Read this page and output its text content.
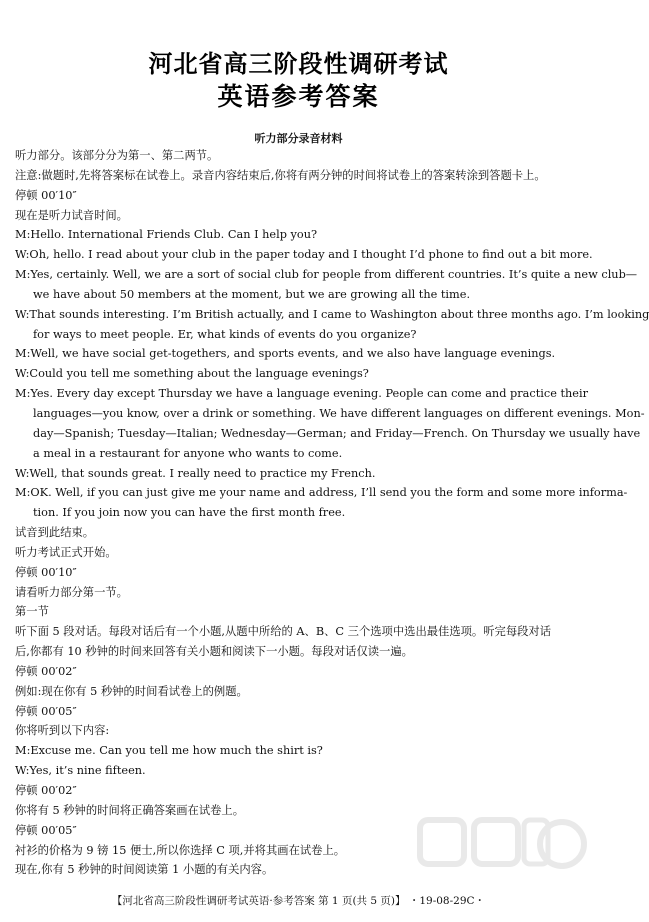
河北省高三阶段性调研考试
英语参考答案
听力部分录音材料
听力部分。该部分分为第一、第二两节。
注意:做题时,先将答案标在试卷上。录音内容结束后,你将有两分钟的时间将试卷上的答案转涂到答题卡上。
停顿 00′10″
现在是听力试音时间。
M:Hello. International Friends Club. Can I help you?
W:Oh, hello. I read about your club in the paper today and I thought I’d phone to find out a bit more.
M:Yes, certainly. Well, we are a sort of social club for people from different countries. It’s quite a new club—
we have about 50 members at the moment, but we are growing all the time.
W:That sounds interesting. I’m British actually, and I came to Washington about three months ago. I’m looking
for ways to meet people. Er, what kinds of events do you organize?
M:Well, we have social get-togethers, and sports events, and we also have language evenings.
W:Could you tell me something about the language evenings?
M:Yes. Every day except Thursday we have a language evening. People can come and practice their
languages—you know, over a drink or something. We have different languages on different evenings. Mon-
day—Spanish; Tuesday—Italian; Wednesday—German; and Friday—French. On Thursday we usually have
a meal in a restaurant for anyone who wants to come.
W:Well, that sounds great. I really need to practice my French.
M:OK. Well, if you can just give me your name and address, I’ll send you the form and some more informa-
tion. If you join now you can have the first month free.
试音到此结束。
听力考试正式开始。
停顿 00′10″
请看听力部分第一节。
第一节
听下面 5 段对话。每段对话后有一个小题,从题中所给的 A、B、C 三个选项中选出最佳选项。听完每段对话
后,你都有 10 秒钟的时间来回答有关小题和阅读下一小题。每段对话仅读一遍。
停顿 00′02″
例如:现在你有 5 秒钟的时间看试卷上的例题。
停顿 00′05″
你将听到以下内容:
M:Excuse me. Can you tell me how much the shirt is?
W:Yes, it’s nine fifteen.
停顿 00′02″
你将有 5 秒钟的时间将正确答案画在试卷上。
停顿 00′05″
衬衫的价格为 9 镑 15 便士,所以你选择 C 项,并将其画在试卷上。
现在,你有 5 秒钟的时间阅读第 1 小题的有关内容。
【河北省高三阶段性调研考试英语·参考答案 第 1 页(共 5 页)】 ・19-08-29C・
